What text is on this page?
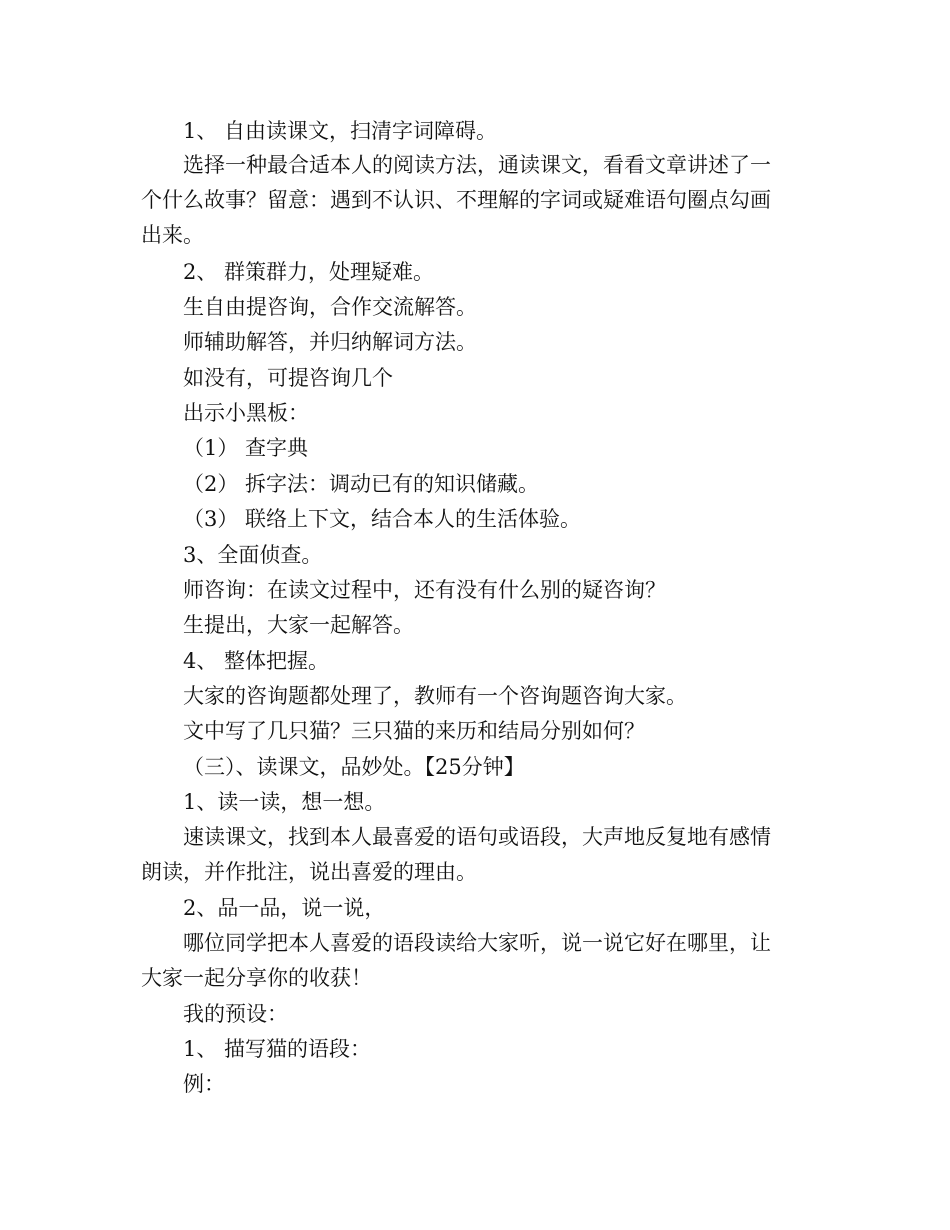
1、 自由读课文，扫清字词障碍。
选择一种最合适本人的阅读方法，通读课文，看看文章讲述了一
个什么故事？留意：遇到不认识、不理解的字词或疑难语句圈点勾画
出来。
2、 群策群力，处理疑难。
生自由提咨询，合作交流解答。
师辅助解答，并归纳解词方法。
如没有，可提咨询几个
出示小黑板：
（1） 查字典
（2） 拆字法：调动已有的知识储藏。
（3） 联络上下文，结合本人的生活体验。
3、全面侦查。
师咨询：在读文过程中，还有没有什么别的疑咨询？
生提出，大家一起解答。
4、 整体把握。
大家的咨询题都处理了，教师有一个咨询题咨询大家。
文中写了几只猫？三只猫的来历和结局分别如何？
（三）、读课文，品妙处。【25分钟】
1、读一读，想一想。
速读课文，找到本人最喜爱的语句或语段，大声地反复地有感情
朗读，并作批注，说出喜爱的理由。
2、品一品，说一说，
哪位同学把本人喜爱的语段读给大家听，说一说它好在哪里，让
大家一起分享你的收获！
我的预设：
1、 描写猫的语段：
例：
